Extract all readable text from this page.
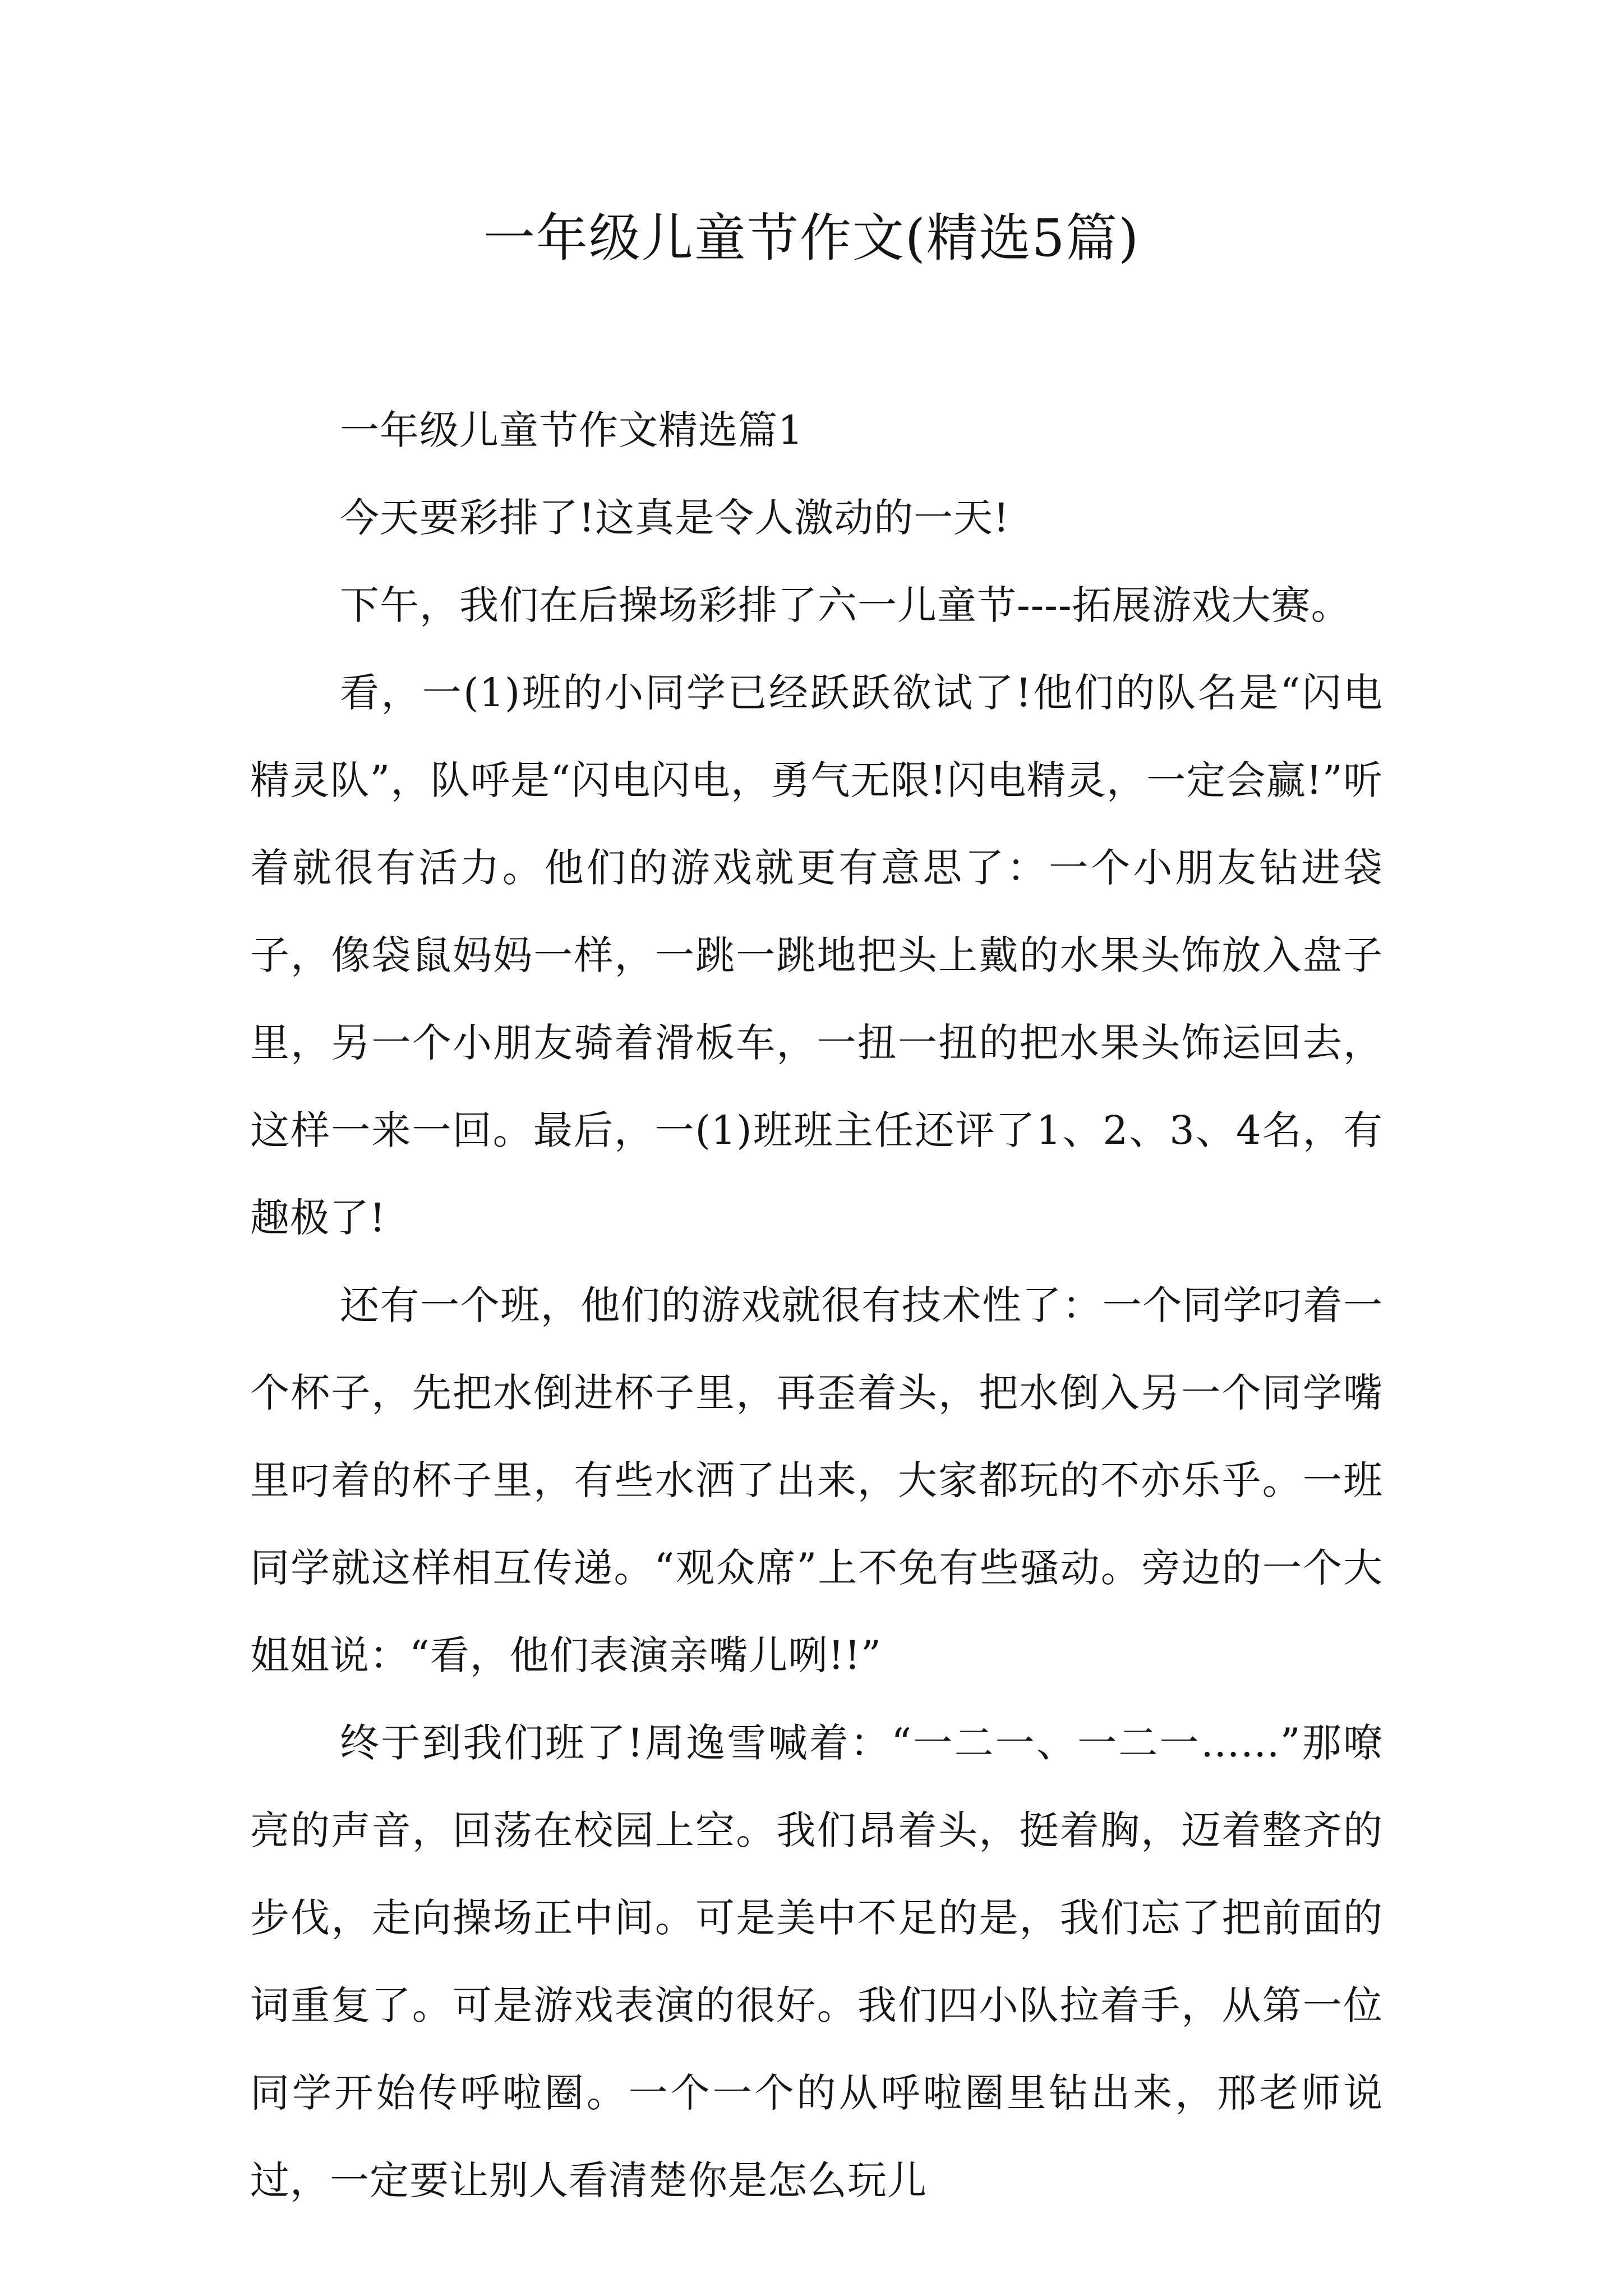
一年级儿童节作文(精选5篇)

一年级儿童节作文精选篇1

今天要彩排了!这真是令人激动的一天!

下午，我们在后操场彩排了六一儿童节----拓展游戏大赛。

看，一(1)班的小同学已经跃跃欲试了!他们的队名是“闪电精灵队”，队呼是“闪电闪电，勇气无限!闪电精灵，一定会赢!”听着就很有活力。他们的游戏就更有意思了：一个小朋友钻进袋子，像袋鼠妈妈一样，一跳一跳地把头上戴的水果头饰放入盘子里，另一个小朋友骑着滑板车，一扭一扭的把水果头饰运回去，这样一来一回。最后，一(1)班班主任还评了1、2、3、4名，有趣极了!

还有一个班，他们的游戏就很有技术性了：一个同学叼着一个杯子，先把水倒进杯子里，再歪着头，把水倒入另一个同学嘴里叼着的杯子里，有些水洒了出来，大家都玩的不亦乐乎。一班同学就这样相互传递。“观众席”上不免有些骚动。旁边的一个大姐姐说：“看，他们表演亲嘴儿咧!!”

终于到我们班了!周逸雪喊着：“一二一、一二一……”那嘹亮的声音，回荡在校园上空。我们昂着头，挺着胸，迈着整齐的步伐，走向操场正中间。可是美中不足的是，我们忘了把前面的词重复了。可是游戏表演的很好。我们四小队拉着手，从第一位同学开始传呼啦圈。一个一个的从呼啦圈里钻出来，邢老师说过，一定要让别人看清楚你是怎么玩儿
